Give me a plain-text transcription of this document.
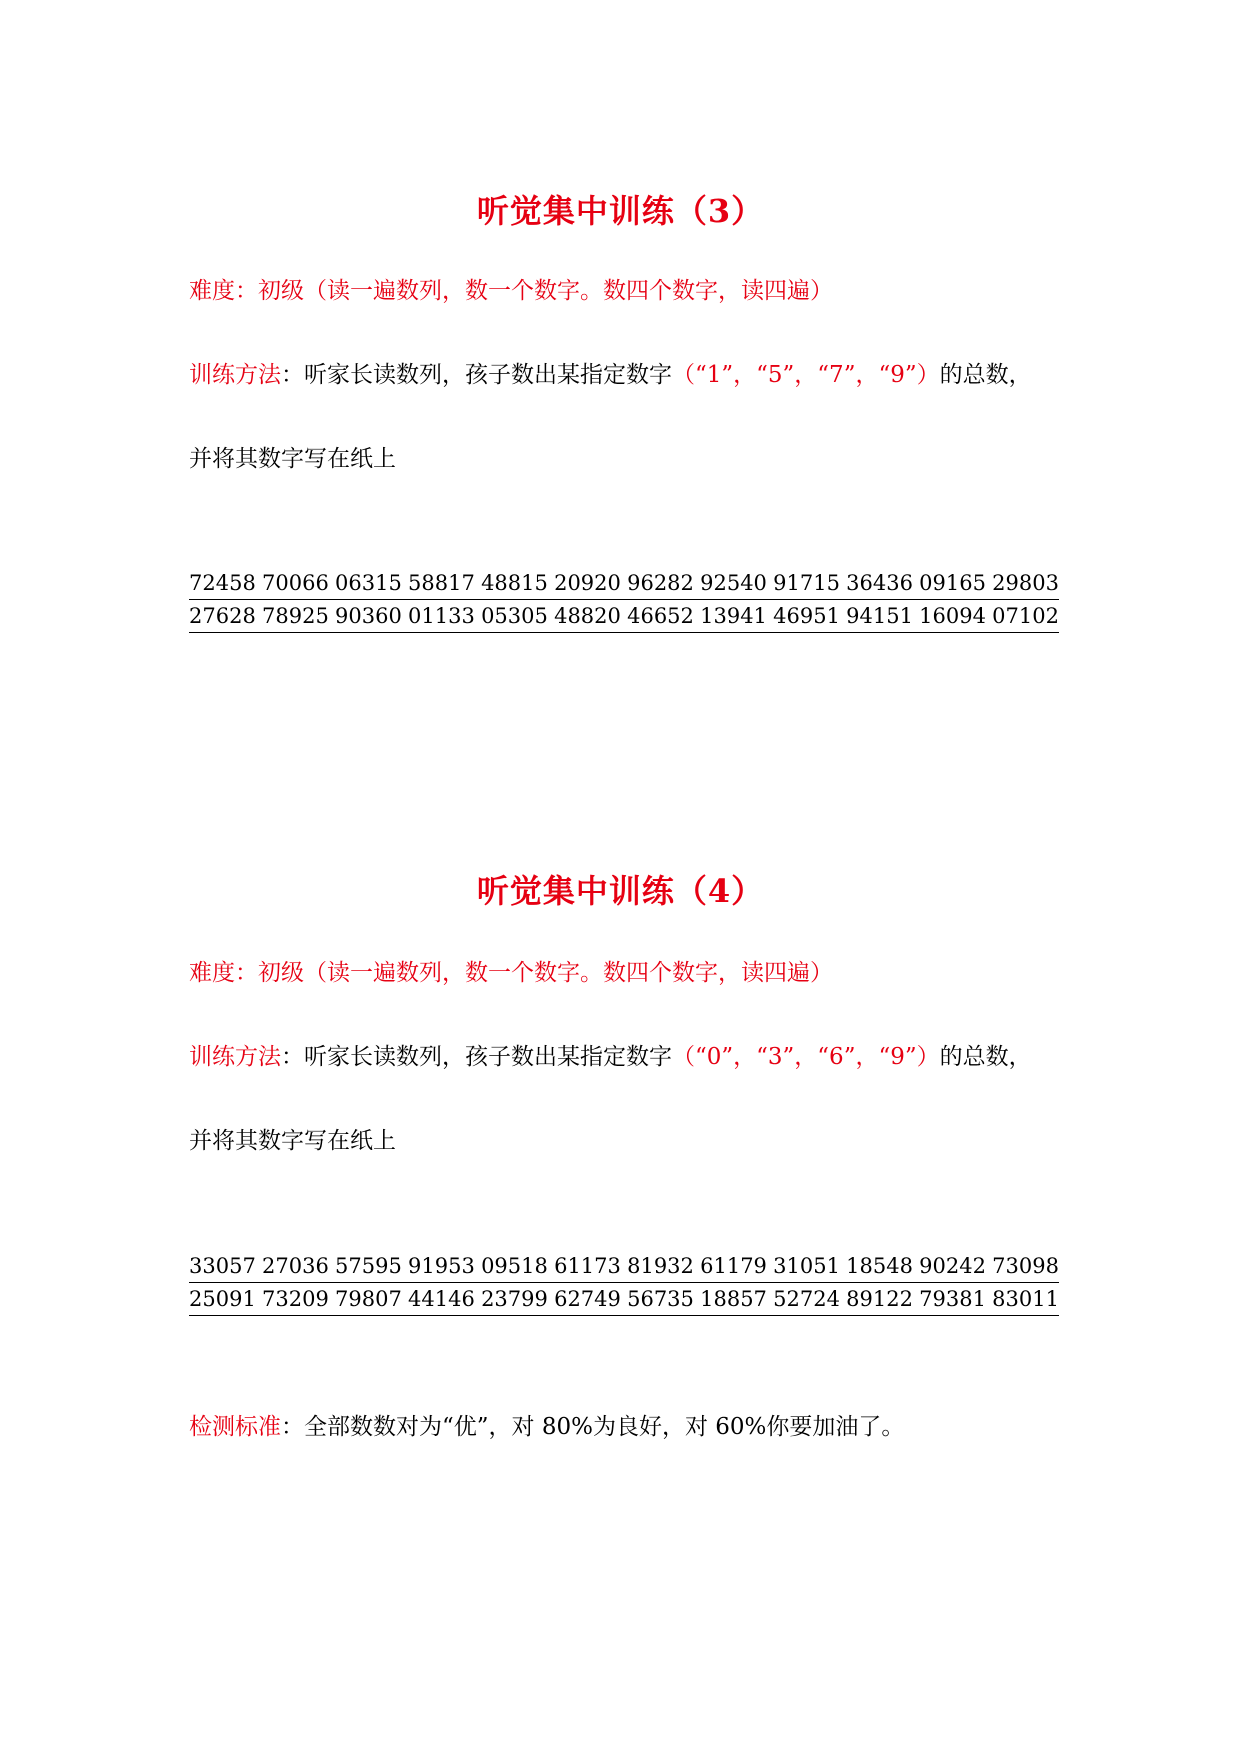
听觉集中训练（3）
难度：初级（读一遍数列，数一个数字。数四个数字，读四遍）
训练方法：听家长读数列，孩子数出某指定数字（“1”，“5”，“7”，“9”）的总数，
并将其数字写在纸上
72458 70066 06315 58817 48815 20920 96282 92540 91715 36436 09165 29803
27628 78925 90360 01133 05305 48820 46652 13941 46951 94151 16094 07102
听觉集中训练（4）
难度：初级（读一遍数列，数一个数字。数四个数字，读四遍）
训练方法：听家长读数列，孩子数出某指定数字（“0”，“3”，“6”，“9”）的总数，
并将其数字写在纸上
33057 27036 57595 91953 09518 61173 81932 61179 31051 18548 90242 73098
25091 73209 79807 44146 23799 62749 56735 18857 52724 89122 79381 83011
检测标准：全部数数对为“优”，对 80%为良好，对 60%你要加油了。
